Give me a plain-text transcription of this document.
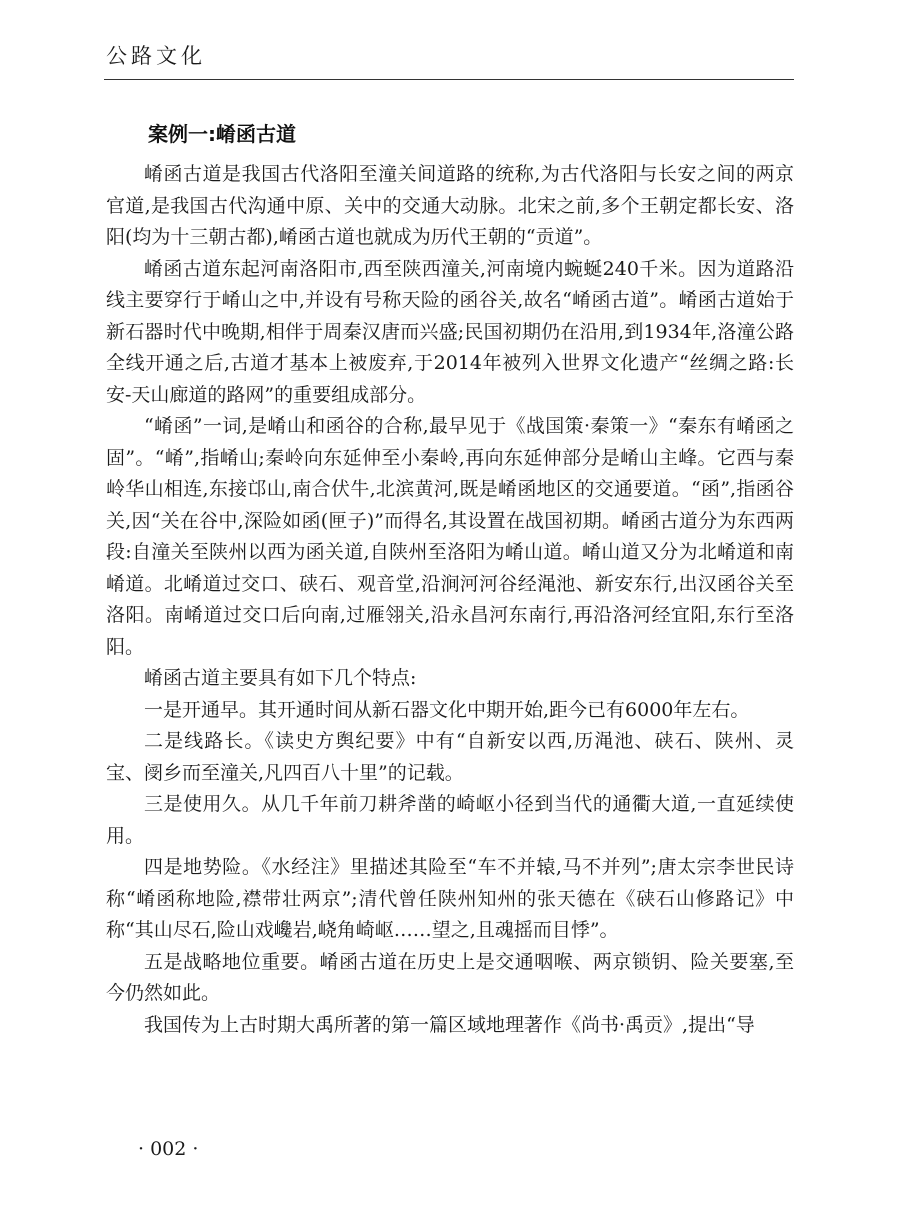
公路文化
案例一:崤函古道

崤函古道是我国古代洛阳至潼关间道路的统称,为古代洛阳与长安之间的两京官道,是我国古代沟通中原、关中的交通大动脉。北宋之前,多个王朝定都长安、洛阳(均为十三朝古都),崤函古道也就成为历代王朝的“贡道”。

崤函古道东起河南洛阳市,西至陕西潼关,河南境内蜿蜒240千米。因为道路沿线主要穿行于崤山之中,并设有号称天险的函谷关,故名“崤函古道”。崤函古道始于新石器时代中晚期,相伴于周秦汉唐而兴盛;民国初期仍在沿用,到1934年,洛潼公路全线开通之后,古道才基本上被废弃,于2014年被列入世界文化遗产“丝绸之路:长安-天山廊道的路网”的重要组成部分。

“崤函”一词,是崤山和函谷的合称,最早见于《战国策·秦策一》“秦东有崤函之固”。“崤”,指崤山;秦岭向东延伸至小秦岭,再向东延伸部分是崤山主峰。它西与秦岭华山相连,东接邙山,南合伏牛,北滨黄河,既是崤函地区的交通要道。“函”,指函谷关,因“关在谷中,深险如函(匣子)”而得名,其设置在战国初期。崤函古道分为东西两段:自潼关至陕州以西为函关道,自陕州至洛阳为崤山道。崤山道又分为北崤道和南崤道。北崤道过交口、硖石、观音堂,沿涧河河谷经渑池、新安东行,出汉函谷关至洛阳。南崤道过交口后向南,过雁翎关,沿永昌河东南行,再沿洛河经宜阳,东行至洛阳。

崤函古道主要具有如下几个特点:

一是开通早。其开通时间从新石器文化中期开始,距今已有6000年左右。

二是线路长。《读史方舆纪要》中有“自新安以西,历渑池、硖石、陕州、灵宝、阌乡而至潼关,凡四百八十里”的记载。

三是使用久。从几千年前刀耕斧凿的崎岖小径到当代的通衢大道,一直延续使用。

四是地势险。《水经注》里描述其险至“车不并辕,马不并列”;唐太宗李世民诗称“崤函称地险,襟带壮两京”;清代曾任陕州知州的张天德在《硖石山修路记》中称“其山尽石,险山戏巉岩,峣角崎岖……望之,且魂摇而目悸”。

五是战略地位重要。崤函古道在历史上是交通咽喉、两京锁钥、险关要塞,至今仍然如此。

我国传为上古时期大禹所著的第一篇区域地理著作《尚书·禹贡》,提出“导

· 002 ·
